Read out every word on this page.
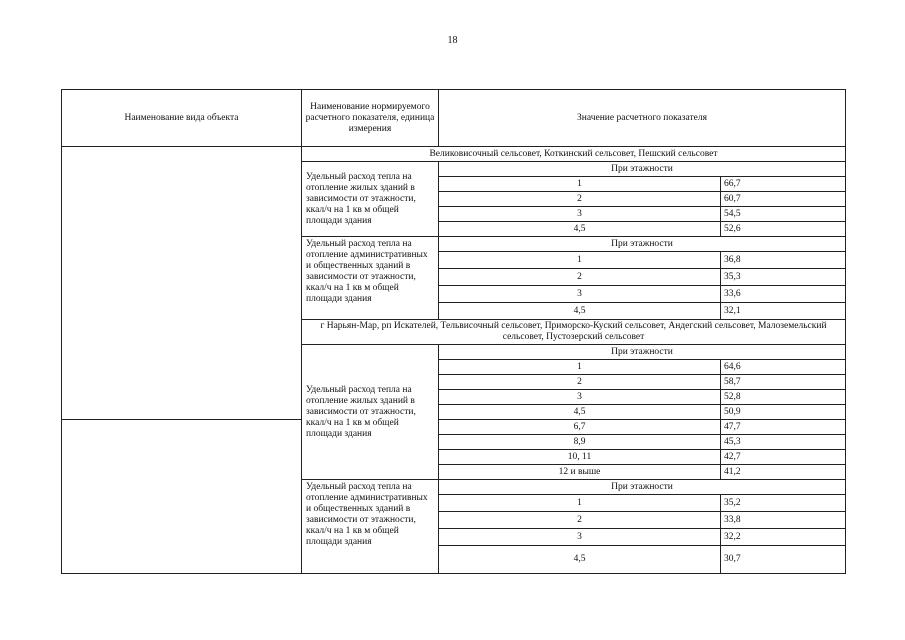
18
Наименование вида объекта	Наименование нормируемого расчетного показателя, единица измерения	Значение расчетного показателя	
	Великовисочный сельсовет, Коткинский сельсовет, Пешский сельсовет		
	Удельный расход тепла на отопление жилых зданий в зависимости от этажности, ккал/ч на 1 кв м общей площади здания	При этажности	
		1	66,7
		2	60,7
		3	54,5
		4,5	52,6
	Удельный расход тепла на отопление административных и общественных зданий в зависимости от этажности, ккал/ч на 1 кв м общей площади здания	При этажности	
		1	36,8
		2	35,3
		3	33,6
		4,5	32,1
	г Нарьян-Мар, рп Искателей, Тельвисочный сельсовет, Приморско-Куский сельсовет, Андегский сельсовет, Малоземельский сельсовет, Пустозерский сельсовет		
	Удельный расход тепла на отопление жилых зданий в зависимости от этажности, ккал/ч на 1 кв м общей площади здания	При этажности	
		1	64,6
		2	58,7
		3	52,8
		4,5	50,9
		6,7	47,7
		8,9	45,3
		10, 11	42,7
		12 и выше	41,2
	Удельный расход тепла на отопление административных и общественных зданий в зависимости от этажности, ккал/ч на 1 кв м общей площади здания	При этажности	
		1	35,2
		2	33,8
		3	32,2
		4,5	30,7
